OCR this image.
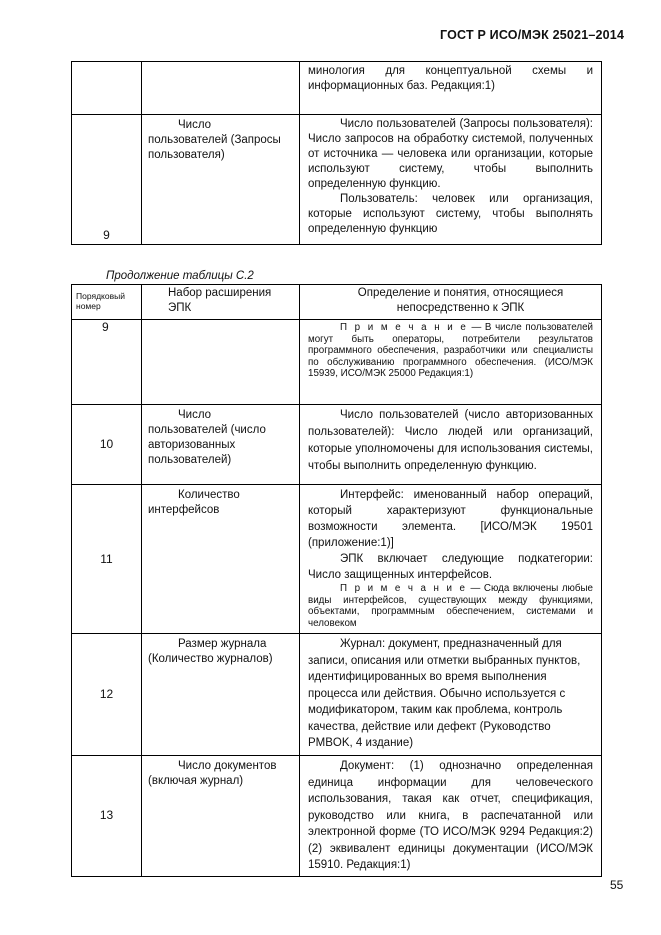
ГОСТ Р ИСО/МЭК 25021–2014

		минология для концептуальной схемы и информационных баз. Редакция:1)

9	Число пользователей (Запросы пользователя)	Число пользователей (Запросы пользователя): Число запросов на обработку системой, полученных от источника — человека или организации, которые используют систему, чтобы выполнить определенную функцию.

Пользователь: человек или организация, которые используют систему, чтобы выполнять определенную функцию

Продолжение таблицы С.2
Порядковый номер	Набор расширения ЭПК	Определение и понятия, относящиеся непосредственно к ЭПК
9		П р и м е ч а н и е — В числе пользователей могут быть операторы, потребители результатов программного обеспечения, разработчики или специалисты по обслуживанию программного обеспечения. (ИСО/МЭК 15939, ИСО/МЭК 25000 Редакция:1)

10	Число пользователей (число авторизованных пользователей)	Число пользователей (число авторизованных пользователей): Число людей или организаций, которые уполномочены для использования системы, чтобы выполнить определенную функцию.

11	Количество интерфейсов	Интерфейс: именованный набор операций, который характеризуют функциональные возможности элемента. [ИСО/МЭК 19501 (приложение:1)]

ЭПК включает следующие подкатегории: Число защищенных интерфейсов.

П р и м е ч а н и е — Сюда включены любые виды интерфейсов, существующих между функциями, объектами, программным обеспечением, системами и человеком

12	Размер журнала (Количество журналов)	Журнал: документ, предназначенный для записи, описания или отметки выбранных пунктов, идентифицированных во время выполнения процесса или действия. Обычно используется с модификатором, таким как проблема, контроль качества, действие или дефект (Руководство PMBOK, 4 издание)

13	Число документов (включая журнал)	Документ: (1) однозначно определенная единица информации для человеческого использования, такая как отчет, спецификация, руководство или книга, в распечатанной или электронной форме (ТО ИСО/МЭК 9294 Редакция:2) (2) эквивалент единицы документации (ИСО/МЭК 15910. Редакция:1)

55
